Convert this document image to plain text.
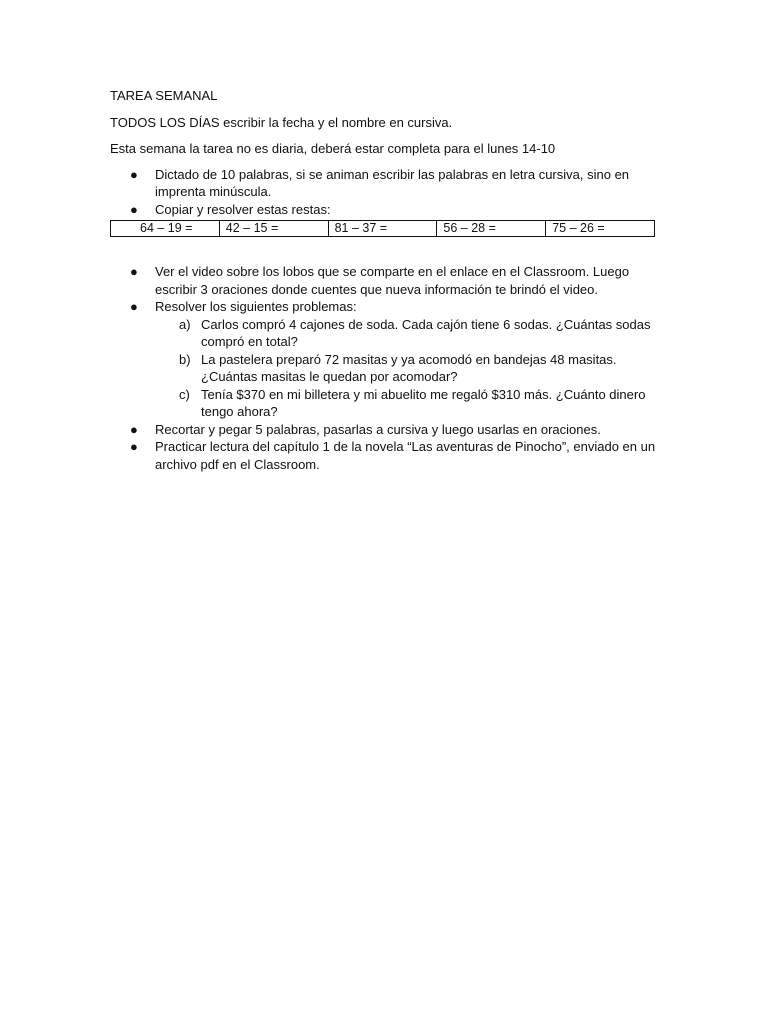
TAREA SEMANAL

TODOS LOS DÍAS escribir la fecha y el nombre en cursiva.

Esta semana la tarea no es diaria, deberá estar completa para el lunes 14-10

● Dictado de 10 palabras, si se animan escribir las palabras en letra cursiva, sino en imprenta minúscula.
● Copiar y resolver estas restas:
64 – 19 =	42 – 15 =	81 – 37 =	56 – 28 =	75 – 26 =
● Ver el video sobre los lobos que se comparte en el enlace en el Classroom. Luego escribir 3 oraciones donde cuentes que nueva información te brindó el video.
● Resolver los siguientes problemas:
a) Carlos compró 4 cajones de soda. Cada cajón tiene 6 sodas. ¿Cuántas sodas compró en total?
b) La pastelera preparó 72 masitas y ya acomodó en bandejas 48 masitas. ¿Cuántas masitas le quedan por acomodar?
c) Tenía $370 en mi billetera y mi abuelito me regaló $310 más. ¿Cuánto dinero tengo ahora?
● Recortar y pegar 5 palabras, pasarlas a cursiva y luego usarlas en oraciones.
● Practicar lectura del capítulo 1 de la novela “Las aventuras de Pinocho”, enviado en un archivo pdf en el Classroom.
